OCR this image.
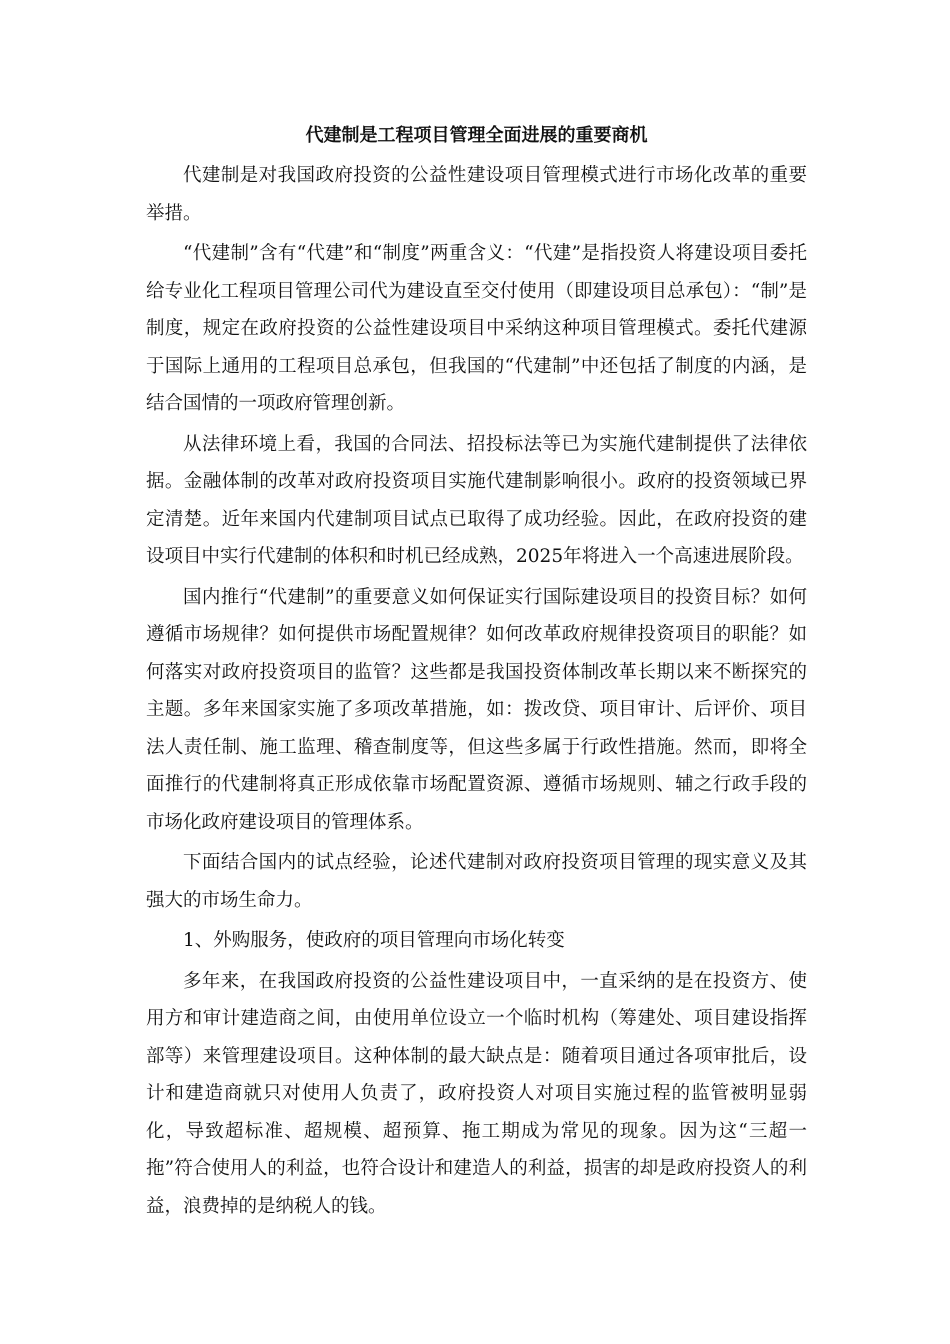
代建制是工程项目管理全面进展的重要商机

代建制是对我国政府投资的公益性建设项目管理模式进行市场化改革的重要举措。

“代建制”含有“代建”和“制度”两重含义：“代建”是指投资人将建设项目委托给专业化工程项目管理公司代为建设直至交付使用（即建设项目总承包）：“制”是制度，规定在政府投资的公益性建设项目中采纳这种项目管理模式。委托代建源于国际上通用的工程项目总承包，但我国的“代建制”中还包括了制度的内涵，是结合国情的一项政府管理创新。

从法律环境上看，我国的合同法、招投标法等已为实施代建制提供了法律依据。金融体制的改革对政府投资项目实施代建制影响很小。政府的投资领域已界定清楚。近年来国内代建制项目试点已取得了成功经验。因此，在政府投资的建设项目中实行代建制的体积和时机已经成熟，2025年将进入一个高速进展阶段。

国内推行“代建制”的重要意义如何保证实行国际建设项目的投资目标？如何遵循市场规律？如何提供市场配置规律？如何改革政府规律投资项目的职能？如何落实对政府投资项目的监管？这些都是我国投资体制改革长期以来不断探究的主题。多年来国家实施了多项改革措施，如：拨改贷、项目审计、后评价、项目法人责任制、施工监理、稽查制度等，但这些多属于行政性措施。然而，即将全面推行的代建制将真正形成依靠市场配置资源、遵循市场规则、辅之行政手段的市场化政府建设项目的管理体系。

下面结合国内的试点经验，论述代建制对政府投资项目管理的现实意义及其强大的市场生命力。

1、外购服务，使政府的项目管理向市场化转变

多年来，在我国政府投资的公益性建设项目中，一直采纳的是在投资方、使用方和审计建造商之间，由使用单位设立一个临时机构（筹建处、项目建设指挥部等）来管理建设项目。这种体制的最大缺点是：随着项目通过各项审批后，设计和建造商就只对使用人负责了，政府投资人对项目实施过程的监管被明显弱化，导致超标准、超规模、超预算、拖工期成为常见的现象。因为这“三超一拖”符合使用人的利益，也符合设计和建造人的利益，损害的却是政府投资人的利益，浪费掉的是纳税人的钱。
